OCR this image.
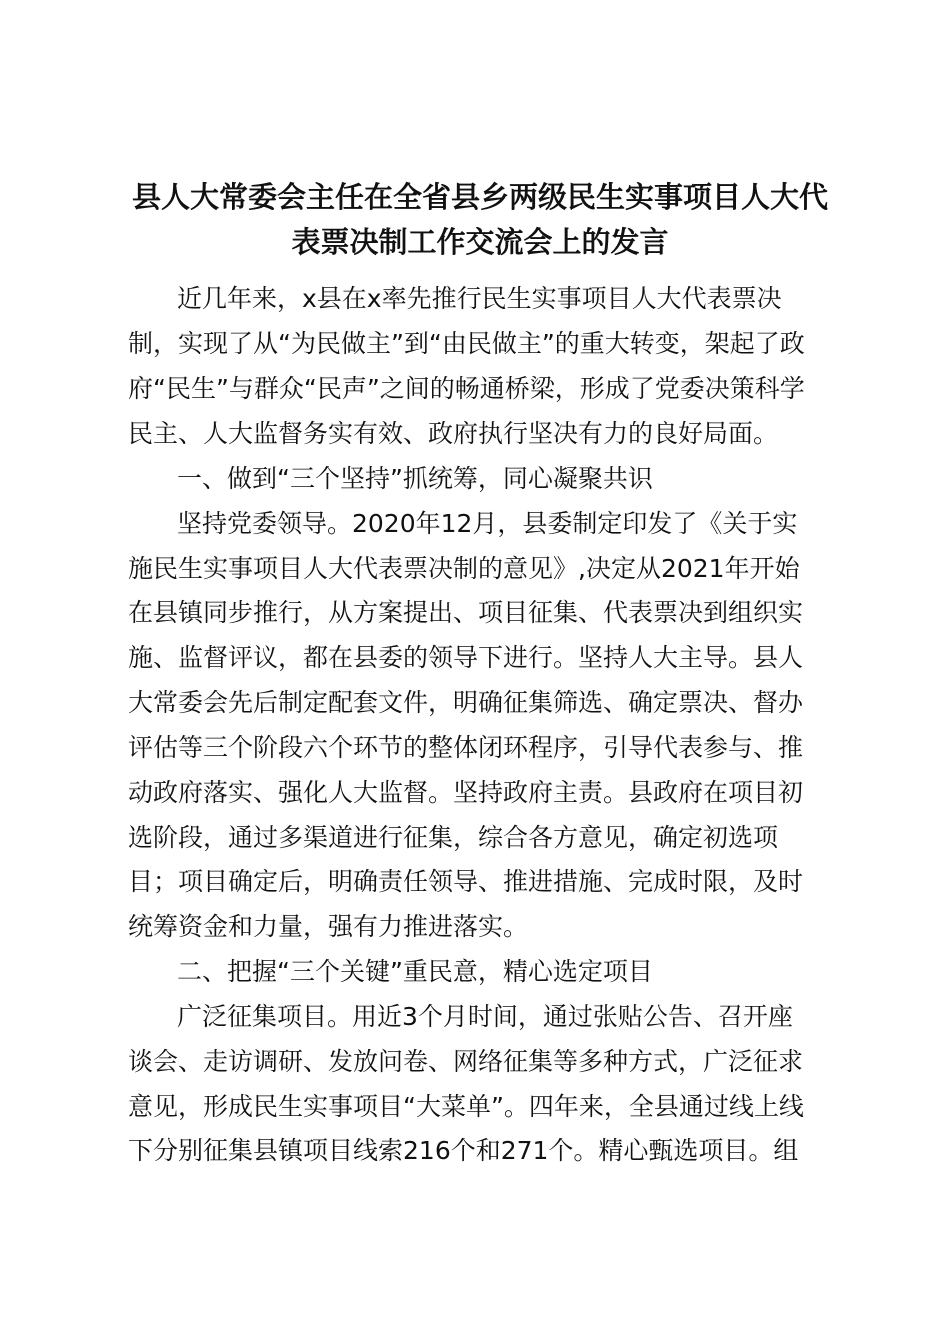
县人大常委会主任在全省县乡两级民生实事项目人大代
表票决制工作交流会上的发言

近几年来，x县在x率先推行民生实事项目人大代表票决

制，实现了从“为民做主”到“由民做主”的重大转变，架起了政

府“民生”与群众“民声”之间的畅通桥梁，形成了党委决策科学

民主、人大监督务实有效、政府执行坚决有力的良好局面。

一、做到“三个坚持”抓统筹，同心凝聚共识

坚持党委领导。2020年12月，县委制定印发了《关于实

施民生实事项目人大代表票决制的意见》,决定从2021年开始

在县镇同步推行，从方案提出、项目征集、代表票决到组织实

施、监督评议，都在县委的领导下进行。坚持人大主导。县人

大常委会先后制定配套文件，明确征集筛选、确定票决、督办

评估等三个阶段六个环节的整体闭环程序，引导代表参与、推

动政府落实、强化人大监督。坚持政府主责。县政府在项目初

选阶段，通过多渠道进行征集，综合各方意见，确定初选项

目；项目确定后，明确责任领导、推进措施、完成时限，及时

统筹资金和力量，强有力推进落实。

二、把握“三个关键”重民意，精心选定项目

广泛征集项目。用近3个月时间，通过张贴公告、召开座

谈会、走访调研、发放问卷、网络征集等多种方式，广泛征求

意见，形成民生实事项目“大菜单”。四年来，全县通过线上线

下分别征集县镇项目线索216个和271个。精心甄选项目。组
